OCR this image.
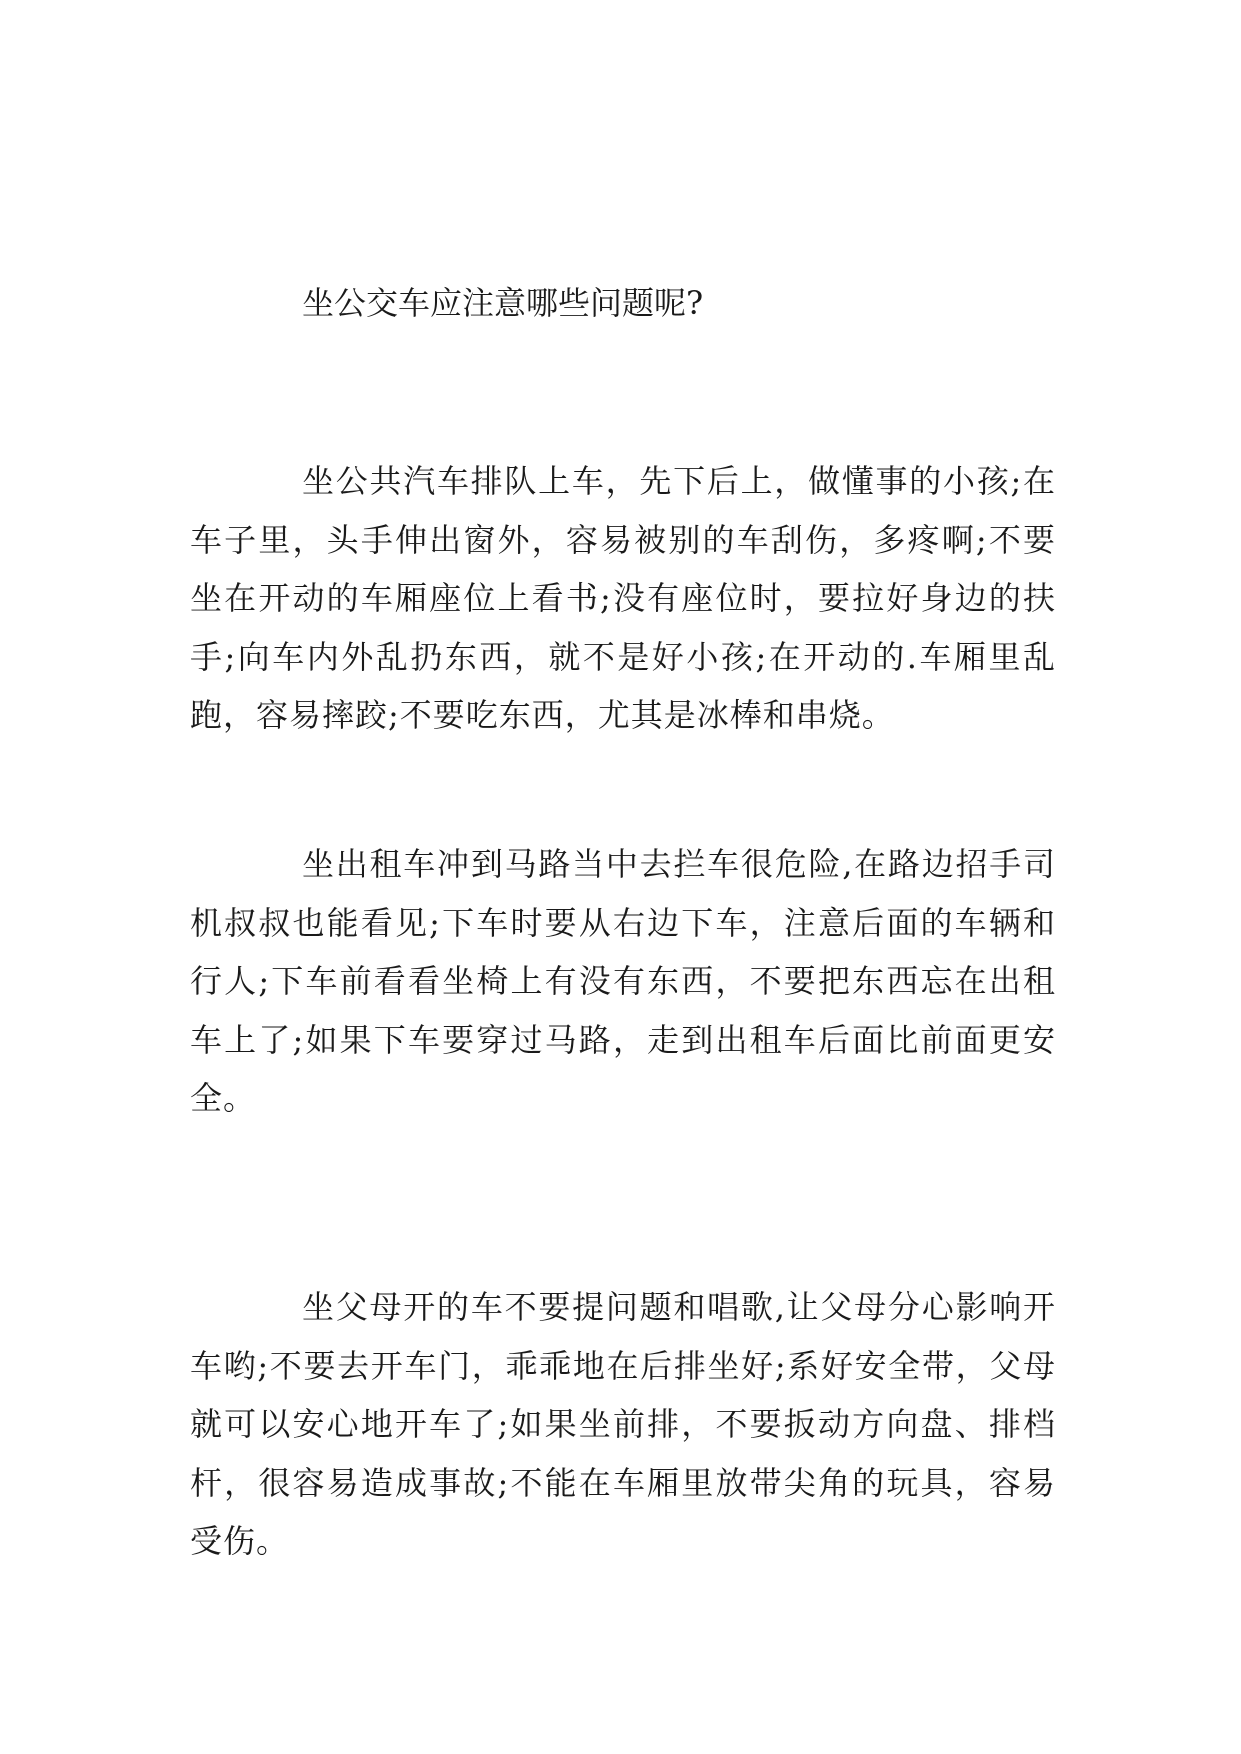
坐公交车应注意哪些问题呢?

坐公共汽车排队上车，先下后上，做懂事的小孩;在车子里，头手伸出窗外，容易被别的车刮伤，多疼啊;不要坐在开动的车厢座位上看书;没有座位时，要拉好身边的扶手;向车内外乱扔东西，就不是好小孩;在开动的.车厢里乱跑，容易摔跤;不要吃东西，尤其是冰棒和串烧。

坐出租车冲到马路当中去拦车很危险,在路边招手司机叔叔也能看见;下车时要从右边下车，注意后面的车辆和行人;下车前看看坐椅上有没有东西，不要把东西忘在出租车上了;如果下车要穿过马路，走到出租车后面比前面更安全。

坐父母开的车不要提问题和唱歌,让父母分心影响开车哟;不要去开车门，乖乖地在后排坐好;系好安全带，父母就可以安心地开车了;如果坐前排，不要扳动方向盘、排档杆，很容易造成事故;不能在车厢里放带尖角的玩具，容易受伤。
